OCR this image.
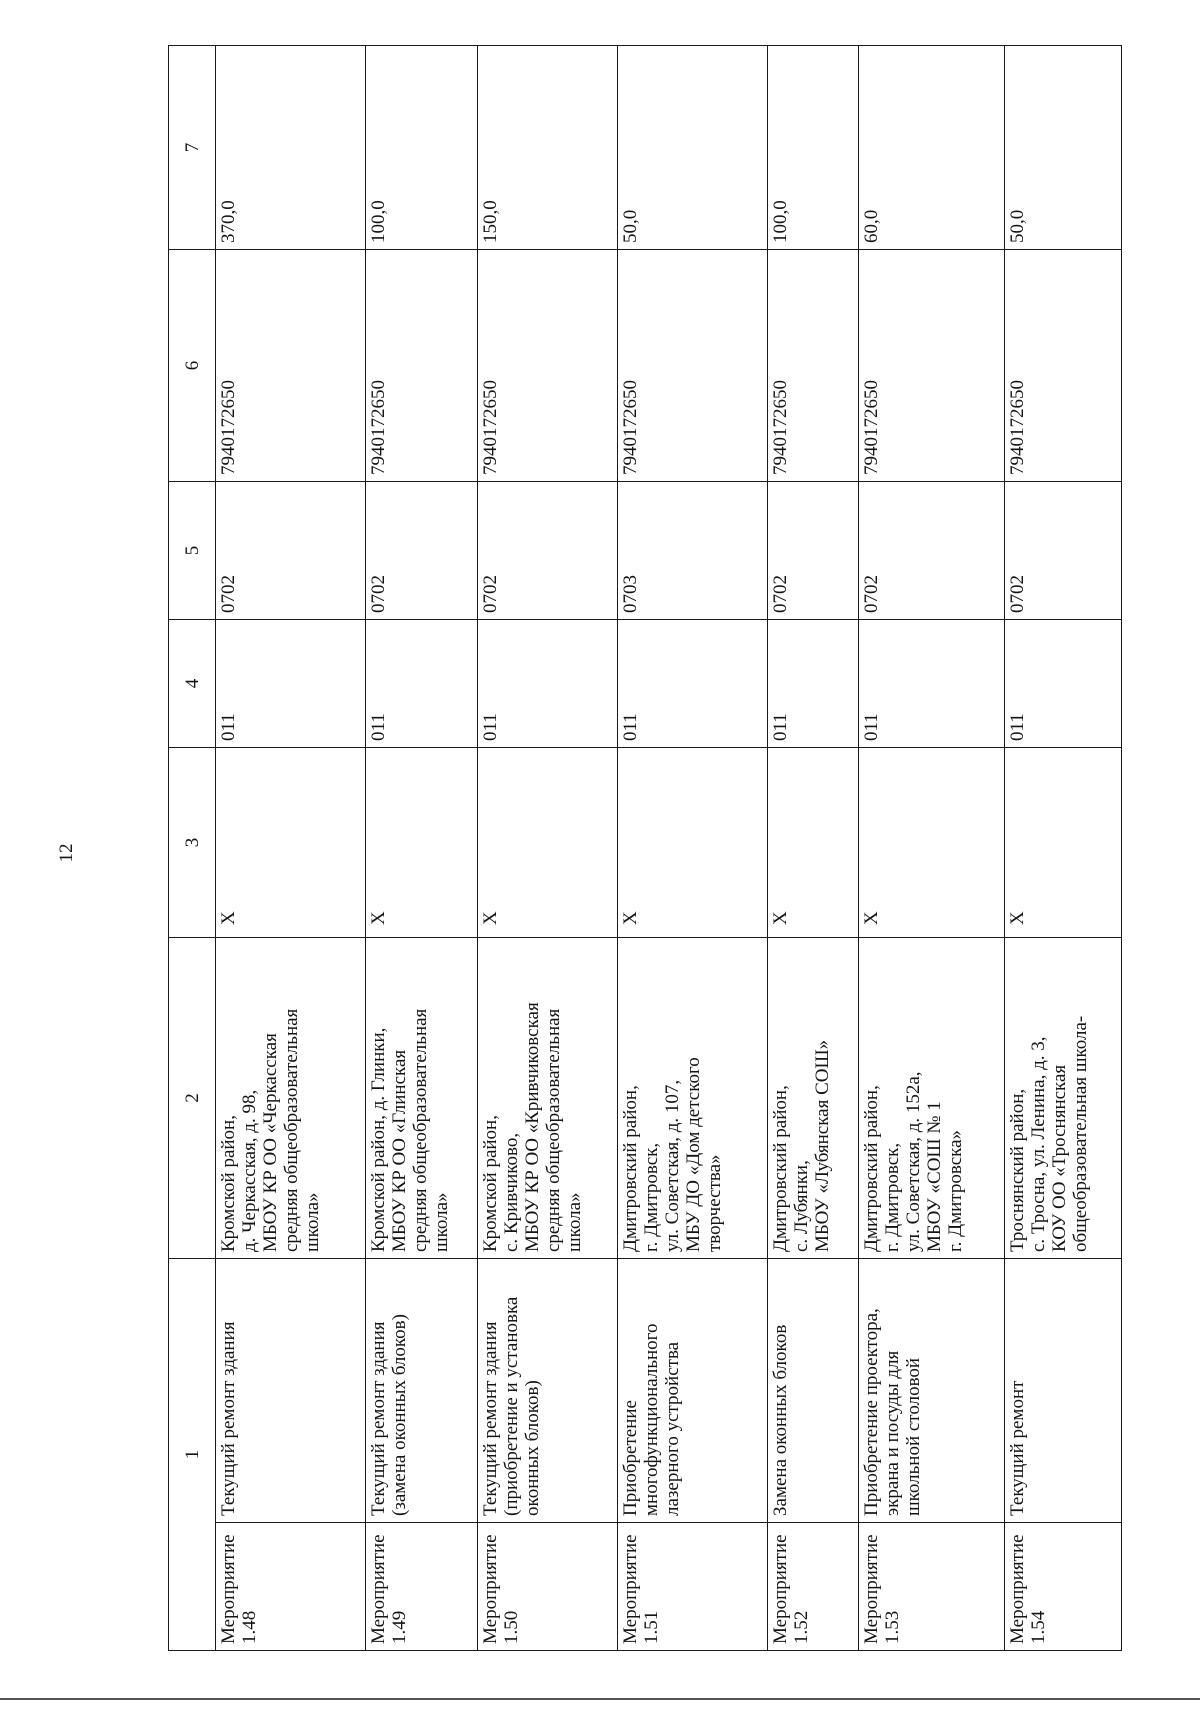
12
1		2	3	4	5	6	7
Мероприятие
1.48	Текущий ремонт здания	Кромской район,
д. Черкасская, д. 98,
МБОУ КР ОО «Черкасская
средняя общеобразовательная
школа»	Х	011	0702	7940172650	370,0
Мероприятие
1.49	Текущий ремонт здания
(замена оконных блоков)	Кромской район, д. Глинки,
МБОУ КР ОО «Глинская
средняя общеобразовательная
школа»	Х	011	0702	7940172650	100,0
Мероприятие
1.50	Текущий ремонт здания
(приобретение и установка
оконных блоков)	Кромской район,
с. Кривчиково,
МБОУ КР ОО «Кривчиковская
средняя общеобразовательная
школа»	Х	011	0702	7940172650	150,0
Мероприятие
1.51	Приобретение
многофункционального
лазерного устройства	Дмитровский район,
г. Дмитровск,
ул. Советская, д. 107,
МБУ ДО «Дом детского
творчества»	Х	011	0703	7940172650	50,0
Мероприятие
1.52	Замена оконных блоков	Дмитровский район,
с. Лубянки,
МБОУ «Лубянская СОШ»	Х	011	0702	7940172650	100,0
Мероприятие
1.53	Приобретение проектора,
экрана и посуды для
школьной столовой	Дмитровский район,
г. Дмитровск,
ул. Советская, д. 152а,
МБОУ «СОШ № 1
г. Дмитровска»	Х	011	0702	7940172650	60,0
Мероприятие
1.54	Текущий ремонт	Троснянский район,
с. Тросна, ул. Ленина, д. 3,
КОУ ОО «Троснянская
общеобразовательная школа-	Х	011	0702	7940172650	50,0
